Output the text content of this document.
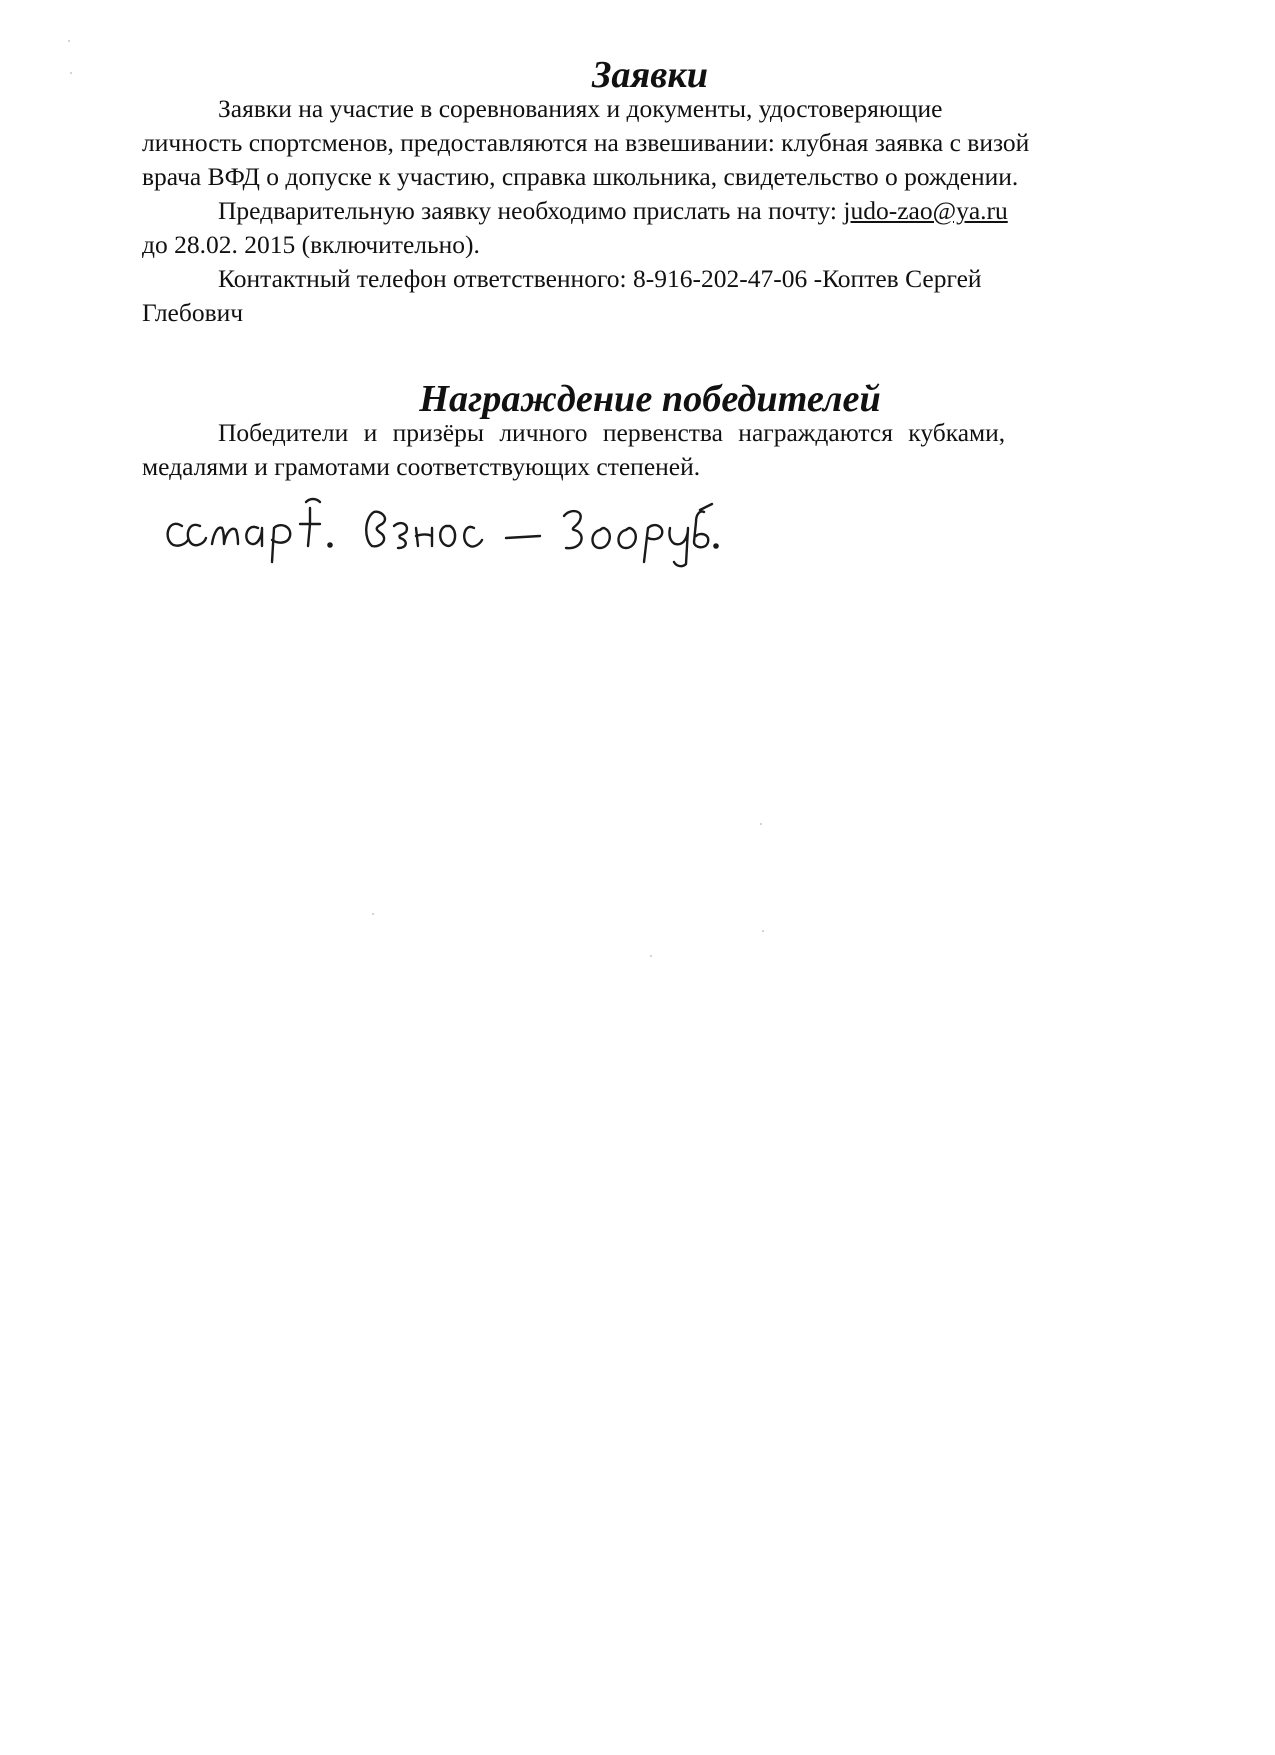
Заявки

Заявки на участие в соревнованиях и документы, удостоверяющие

личность спортсменов, предоставляются на взвешивании: клубная заявка с визой
врача ВФД о допуске к участию, справка школьника, свидетельство о рождении.

Предварительную заявку необходимо прислать на почту: judo-zao@ya.ru

до 28.02. 2015 (включительно).

Контактный телефон ответственного: 8-916-202-47-06 -Коптев Сергей

Глебович

Награждение победителей

Победители и призёры личного первенства награждаются кубками,

медалями и грамотами соответствующих степеней.
